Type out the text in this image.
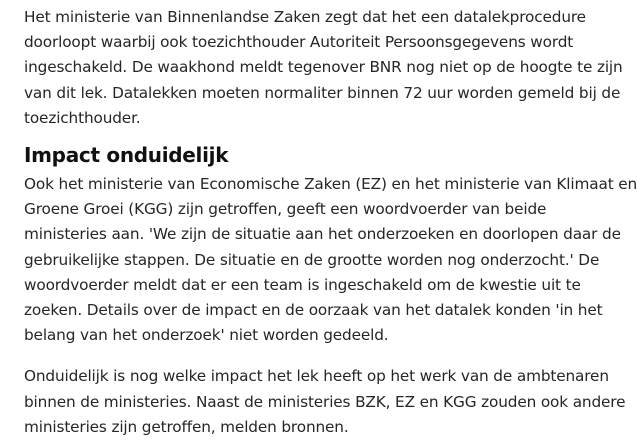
Het ministerie van Binnenlandse Zaken zegt dat het een datalekprocedure
doorloopt waarbij ook toezichthouder Autoriteit Persoonsgegevens wordt
ingeschakeld. De waakhond meldt tegenover BNR nog niet op de hoogte te zijn
van dit lek. Datalekken moeten normaliter binnen 72 uur worden gemeld bij de
toezichthouder.

Impact onduidelijk

Ook het ministerie van Economische Zaken (EZ) en het ministerie van Klimaat en
Groene Groei (KGG) zijn getroffen, geeft een woordvoerder van beide
ministeries aan. 'We zijn de situatie aan het onderzoeken en doorlopen daar de
gebruikelijke stappen. De situatie en de grootte worden nog onderzocht.' De
woordvoerder meldt dat er een team is ingeschakeld om de kwestie uit te
zoeken. Details over de impact en de oorzaak van het datalek konden 'in het
belang van het onderzoek' niet worden gedeeld.

Onduidelijk is nog welke impact het lek heeft op het werk van de ambtenaren
binnen de ministeries. Naast de ministeries BZK, EZ en KGG zouden ook andere
ministeries zijn getroffen, melden bronnen.
